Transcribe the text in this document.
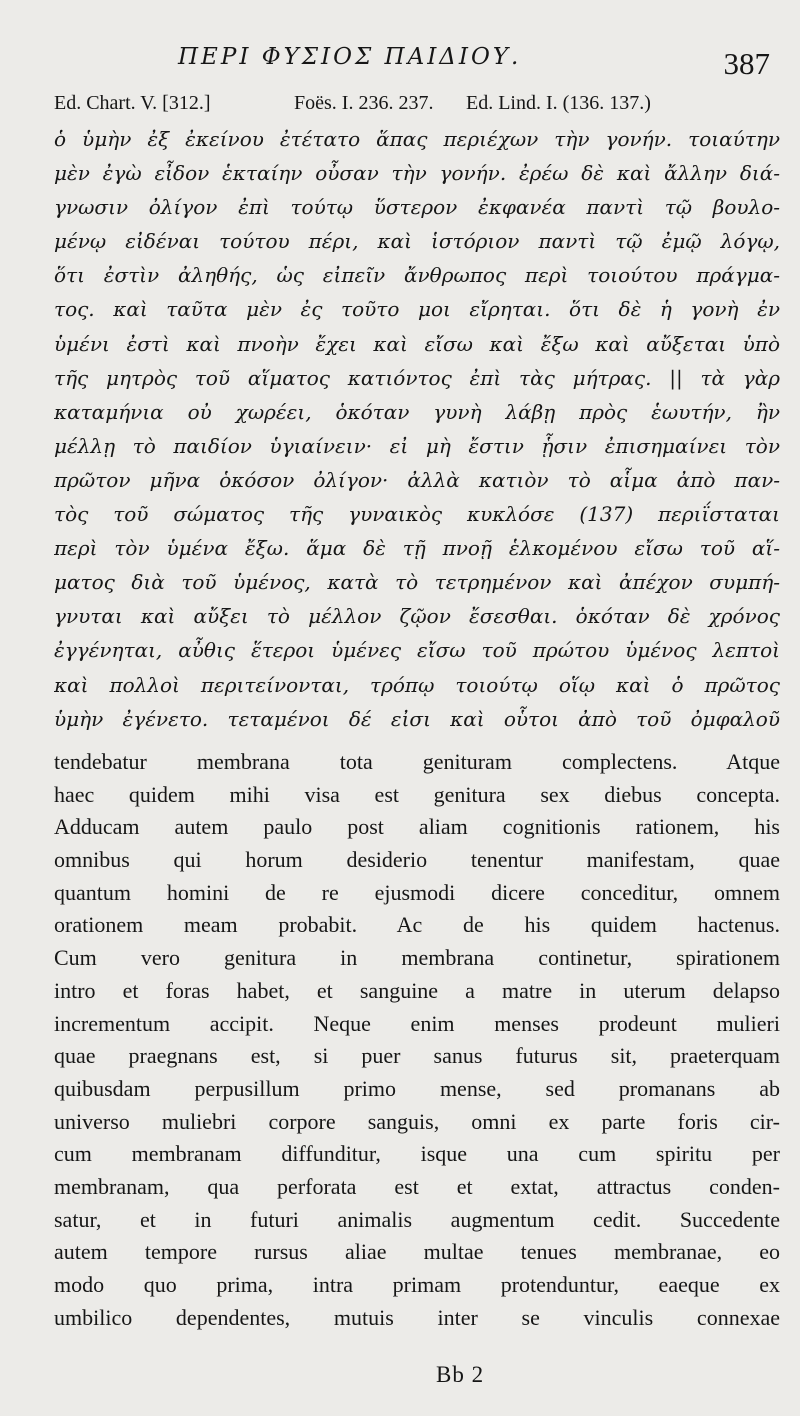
ΠΕΡΙ ΦΥΣΙΟΣ ΠΑΙΔΙΟΥ.	387
Ed. Chart. V. [312.]	Foës. I. 236. 237. Ed. Lind. I. (136. 137.)
ὁ ὑμὴν ἐξ ἐκείνου ἐτέτατο ἅπας περιέχων τὴν γονήν. τοιαύτην
μὲν ἐγὼ εἶδον ἑκταίην οὖσαν τὴν γονήν. ἐρέω δὲ καὶ ἄλλην διά-
γνωσιν ὀλίγον ἐπὶ τούτῳ ὕστερον ἐκφανέα παντὶ τῷ βουλο-
μένῳ εἰδέναι τούτου πέρι, καὶ ἱστόριον παντὶ τῷ ἐμῷ λόγῳ,
ὅτι ἐστὶν ἀληθής, ὡς εἰπεῖν ἄνθρωπος περὶ τοιούτου πράγμα-
τος. καὶ ταῦτα μὲν ἐς τοῦτο μοι εἴρηται. ὅτι δὲ ἡ γονὴ ἐν
ὑμένι ἐστὶ καὶ πνοὴν ἔχει καὶ εἴσω καὶ ἔξω καὶ αὔξεται ὑπὸ
τῆς μητρὸς τοῦ αἵματος κατιόντος ἐπὶ τὰς μήτρας. || τὰ γὰρ
καταμήνια οὐ χωρέει, ὁκόταν γυνὴ λάβῃ πρὸς ἑωυτήν, ἢν
μέλλῃ τὸ παιδίον ὑγιαίνειν· εἰ μὴ ἔστιν ᾗσιν ἐπισημαίνει τὸν
πρῶτον μῆνα ὁκόσον ὀλίγον· ἀλλὰ κατιὸν τὸ αἷμα ἀπὸ παν-
τὸς τοῦ σώματος τῆς γυναικὸς κυκλόσε (137) περιΐσταται
περὶ τὸν ὑμένα ἔξω. ἅμα δὲ τῇ πνοῇ ἑλκομένου εἴσω τοῦ αἵ-
ματος διὰ τοῦ ὑμένος, κατὰ τὸ τετρημένον καὶ ἀπέχον συμπή-
γνυται καὶ αὔξει τὸ μέλλον ζῷον ἔσεσθαι. ὁκόταν δὲ χρόνος
ἐγγένηται, αὖθις ἕτεροι ὑμένες εἴσω τοῦ πρώτου ὑμένος λεπτοὶ
καὶ πολλοὶ περιτείνονται, τρόπῳ τοιούτῳ οἵῳ καὶ ὁ πρῶτος
ὑμὴν ἐγένετο. τεταμένοι δέ εἰσι καὶ οὗτοι ἀπὸ τοῦ ὀμφαλοῦ
tendebatur membrana tota genituram complectens. Atque
haec quidem mihi visa est genitura sex diebus concepta.
Adducam autem paulo post aliam cognitionis rationem, his
omnibus qui horum desiderio tenentur manifestam, quae
quantum homini de re ejusmodi dicere conceditur, omnem
orationem meam probabit. Ac de his quidem hactenus.
Cum vero genitura in membrana continetur, spirationem
intro et foras habet, et sanguine a matre in uterum delapso
incrementum accipit. Neque enim menses prodeunt mulieri
quae praegnans est, si puer sanus futurus sit, praeterquam
quibusdam perpusillum primo mense, sed promanans ab
universo muliebri corpore sanguis, omni ex parte foris cir-
cum membranam diffunditur, isque una cum spiritu per
membranam, qua perforata est et extat, attractus conden-
satur, et in futuri animalis augmentum cedit. Succedente
autem tempore rursus aliae multae tenues membranae, eo
modo quo prima, intra primam protenduntur, eaeque ex
umbilico dependentes, mutuis inter se vinculis connexae
Bb 2
